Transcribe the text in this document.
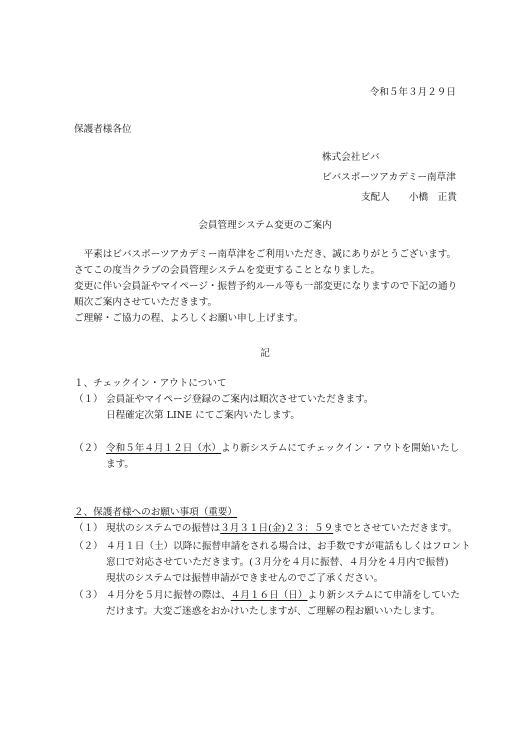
令和５年３月２９日
保護者様各位
株式会社ビバ
ビバスポーツアカデミー南草津
支配人　　小橋　正貴
会員管理システム変更のご案内
　平素はビバスポーツアカデミー南草津をご利用いただき、誠にありがとうございます。
さてこの度当クラブの会員管理システムを変更することとなりました。
変更に伴い会員証やマイページ・振替予約ルール等も一部変更になりますので下記の通り
順次ご案内させていただきます。
ご理解・ご協力の程、よろしくお願い申し上げます。
記
１、チェックイン・アウトについて
（１） 会員証やマイページ登録のご案内は順次させていただきます。
日程確定次第 LINE にてご案内いたします。
（２） 令和５年４月１２日（水）より新システムにてチェックイン・アウトを開始いたし
ます。
２、保護者様へのお願い事項（重要）
（１） 現状のシステムでの振替は３月３１日(金)２３：５９までとさせていただきます。
（２） ４月１日（土）以降に振替申請をされる場合は、お手数ですが電話もしくはフロント
窓口で対応させていただきます。(３月分を４月に振替、４月分を４月内で振替)
現状のシステムでは振替申請ができませんのでご了承ください。
（３） ４月分を５月に振替の際は、４月１６日（日）より新システムにて申請をしていた
だけます。大変ご迷惑をおかけいたしますが、ご理解の程お願いいたします。
